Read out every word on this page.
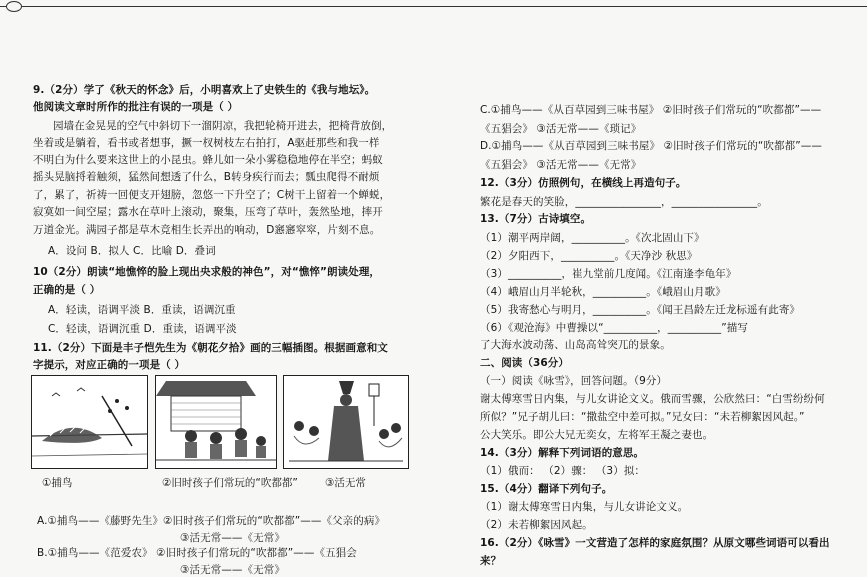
9.（2分）学了《秋天的怀念》后，小明喜欢上了史铁生的《我与地坛》。
他阅读文章时所作的批注有误的一项是（ ）
园墙在金晃晃的空气中斜切下一溜阴凉，我把轮椅开进去，把椅背放倒，
坐着或是躺着，看书或者想事，撅一杈树枝左右拍打，A驱赶那些和我一样
不明白为什么要来这世上的小昆虫。蜂儿如一朵小雾稳稳地停在半空；蚂蚁
摇头晃脑捋着触须，猛然间想透了什么，B转身疾行而去；瓢虫爬得不耐烦
了，累了，祈祷一回便支开翅膀，忽悠一下升空了；C树干上留着一个蝉蜕，
寂寞如一间空屋；露水在草叶上滚动，聚集，压弯了草叶，轰然坠地，摔开
万道金光。满园子都是草木竞相生长弄出的响动，D窸窸窣窣，片刻不息。
A．设问 B．拟人 C．比喻 D．叠词
10（2分）朗读“地憔悴的脸上现出央求般的神色”，对“憔悴”朗读处理，
正确的是（ ）
A．轻读，语调平淡 B．重读，语调沉重
C．轻读，语调沉重 D．重读，语调平淡
11.（2分）下面是丰子恺先生为《朝花夕拾》画的三幅插图。根据画意和文
字提示，对应正确的一项是（ ）
①捕鸟	②旧时孩子们常玩的“吹都都”	③活无常
A.①捕鸟——《藤野先生》②旧时孩子们常玩的“吹都都”——《父亲的病》
③活无常——《无常》
B.①捕鸟——《范爱农》 ②旧时孩子们常玩的“吹都都”——《五猖会
③活无常——《无常》
C.①捕鸟——《从百草园到三味书屋》 ②旧时孩子们常玩的“吹都都”——
《五猖会》 ③活无常——《琐记》
D.①捕鸟——《从百草园到三味书屋》 ②旧时孩子们常玩的“吹都都”——
《五猖会》 ③活无常——《无常》
12.（3分）仿照例句，在横线上再造句子。
繁花是春天的笑脸，________________，________________。
13.（7分）古诗填空。
（1）潮平两岸阔，__________。《次北固山下》
（2）夕阳西下，__________。《天净沙 秋思》
（3）__________，崔九堂前几度闻。《江南逢李龟年》
（4）峨眉山月半轮秋，__________。《峨眉山月歌》
（5）我寄愁心与明月，__________。《闻王昌龄左迁龙标遥有此寄》
（6）《观沧海》中曹操以“__________，__________”描写
了大海水波动荡、山岛高耸突兀的景象。
二、阅读（36分）
（一）阅读《咏雪》，回答问题。（9分）
谢太傅寒雪日内集，与儿女讲论文义。俄而雪骤，公欣然曰：“白雪纷纷何
所似？”兄子胡儿曰：“撒盐空中差可拟。”兄女曰：“未若柳絮因风起。”
公大笑乐。即公大兄无奕女，左将军王凝之妻也。
14.（3分）解释下列词语的意思。
（1）俄而： （2）骤： （3）拟：
15.（4分）翻译下列句子。
（1）谢太傅寒雪日内集，与儿女讲论文义。
（2）未若柳絮因风起。
16.（2分）《咏雪》一文营造了怎样的家庭氛围？从原文哪些词语可以看出
来？
